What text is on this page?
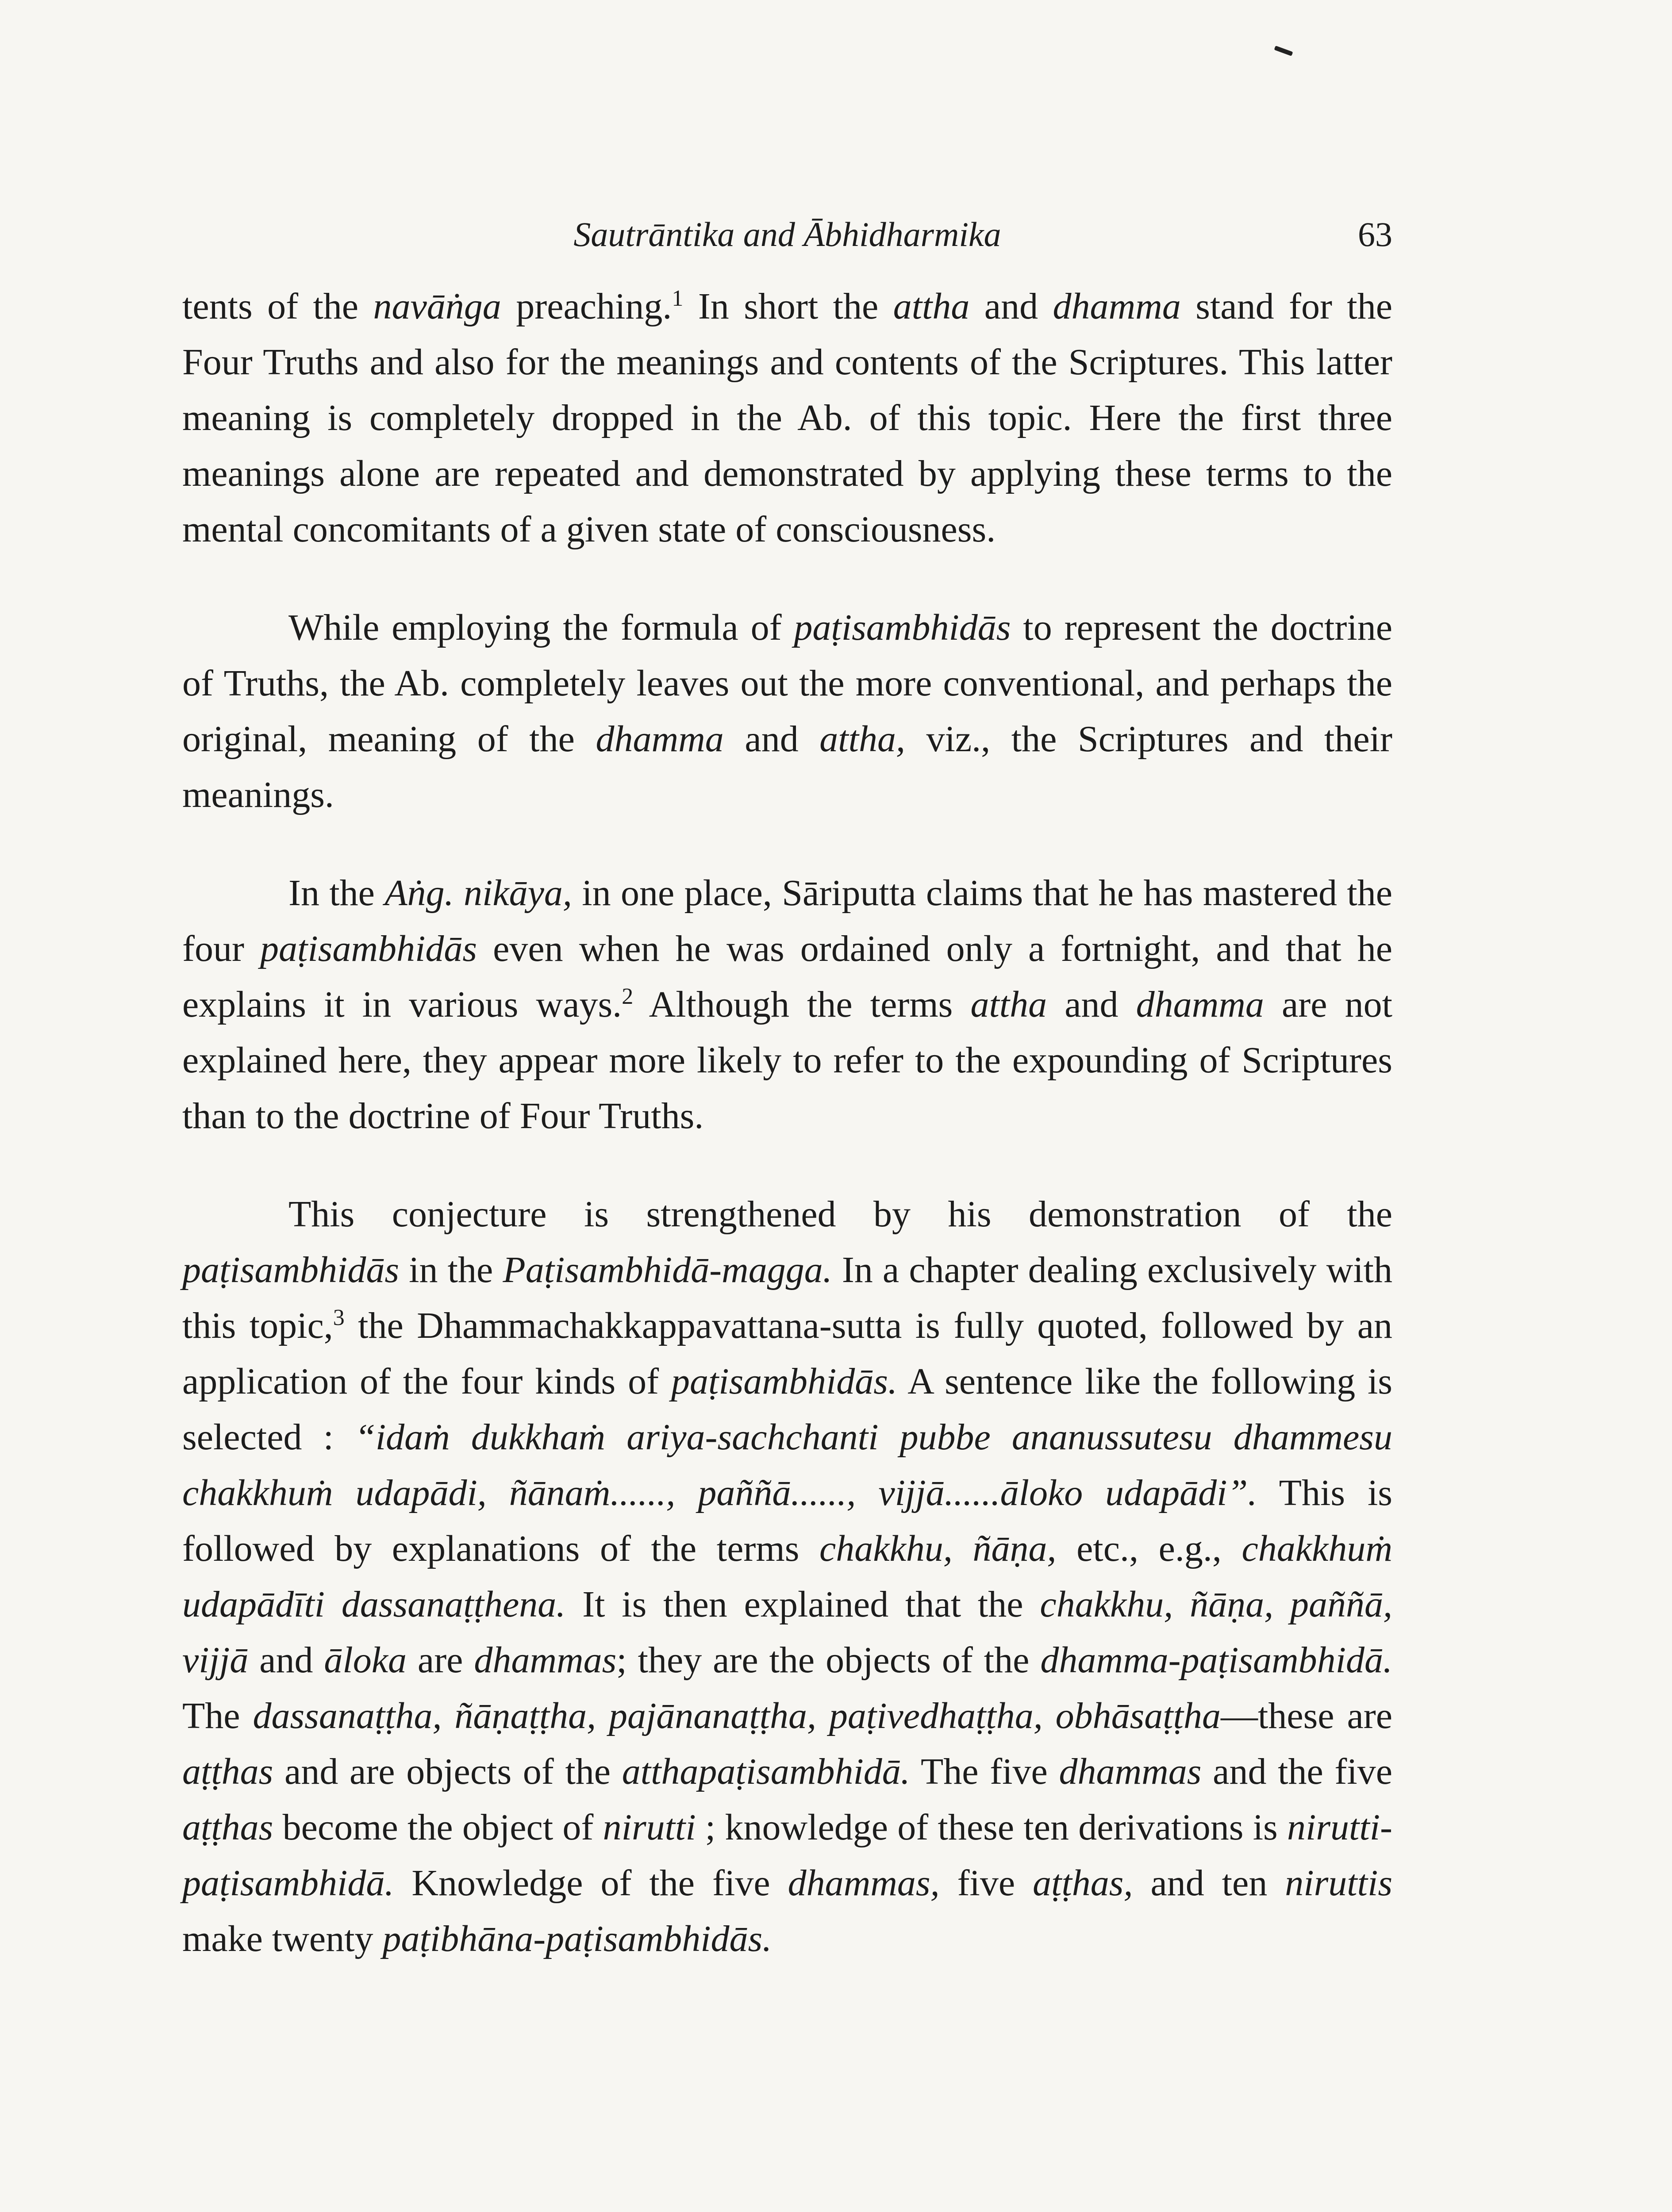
Sautrāntika and Ābhidharmika	63

tents of the navāṅga preaching.$^1$ In short the attha and dhamma stand for the Four Truths and also for the meanings and contents of the Scriptures. This latter meaning is completely dropped in the Ab. of this topic. Here the first three meanings alone are repeated and demonstrated by applying these terms to the mental concomitants of a given state of consciousness.

While employing the formula of paṭisambhidās to represent the doctrine of Truths, the Ab. completely leaves out the more conventional, and perhaps the original, meaning of the dhamma and attha, viz., the Scriptures and their meanings.

In the Aṅg. nikāya, in one place, Sāriputta claims that he has mastered the four paṭisambhidās even when he was ordained only a fortnight, and that he explains it in various ways.$^2$ Although the terms attha and dhamma are not explained here, they appear more likely to refer to the expounding of Scriptures than to the doctrine of Four Truths.

This conjecture is strengthened by his demonstration of the paṭisambhidās in the Paṭisambhidā-magga. In a chapter dealing exclusively with this topic,$^3$ the Dhammachakkappavattana-sutta is fully quoted, followed by an application of the four kinds of paṭisambhidās. A sentence like the following is selected : “idaṁ dukkhaṁ ariya-sachchanti pubbe ananussutesu dhammesu chakkhuṁ udapādi, ñānaṁ......, paññā......, vijjā......āloko udapādi”. This is followed by explanations of the terms chakkhu, ñāṇa, etc., e.g., chakkhuṁ udapādīti dassanaṭṭhena. It is then explained that the chakkhu, ñāṇa, paññā, vijjā and āloka are dhammas; they are the objects of the dhamma-paṭisambhidā. The dassanaṭṭha, ñāṇaṭṭha, pajānanaṭṭha, paṭivedhaṭṭha, obhāsaṭṭha—these are aṭṭhas and are objects of the atthapaṭisambhidā. The five dhammas and the five aṭṭhas become the object of nirutti ; knowledge of these ten derivations is nirutti-paṭisambhidā. Knowledge of the five dhammas, five aṭṭhas, and ten niruttis make twenty paṭibhāna-paṭisambhidās.
